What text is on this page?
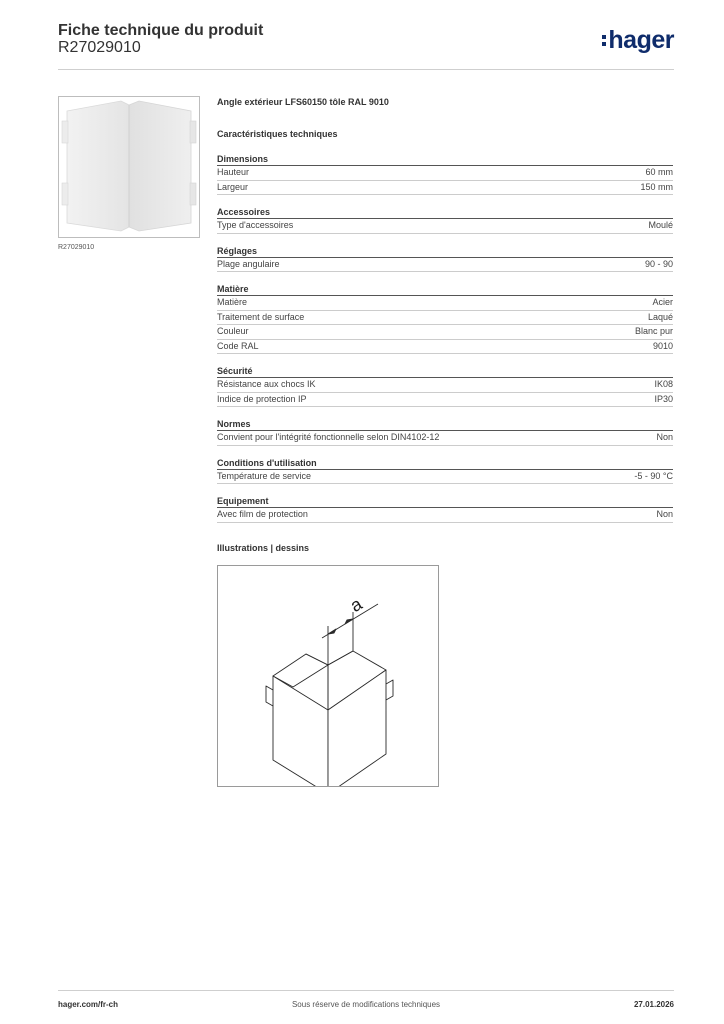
Fiche technique du produit
R27029010	hager
R27029010
Angle extérieur LFS60150 tôle RAL 9010
Caractéristiques techniques
Dimensions
Hauteur	60 mm
Largeur	150 mm
Accessoires
Type d'accessoires	Moulé
Réglages
Plage angulaire	90 - 90
Matière
Matière	Acier
Traitement de surface	Laqué
Couleur	Blanc pur
Code RAL	9010
Sécurité
Résistance aux chocs IK	IK08
Indice de protection IP	IP30
Normes
Convient pour l'intégrité fonctionnelle selon DIN4102-12	Non
Conditions d'utilisation
Température de service	-5 - 90 °C
Equipement
Avec film de protection	Non
Illustrations | dessins
a
hager.com/fr-ch	Sous réserve de modifications techniques	27.01.2026
